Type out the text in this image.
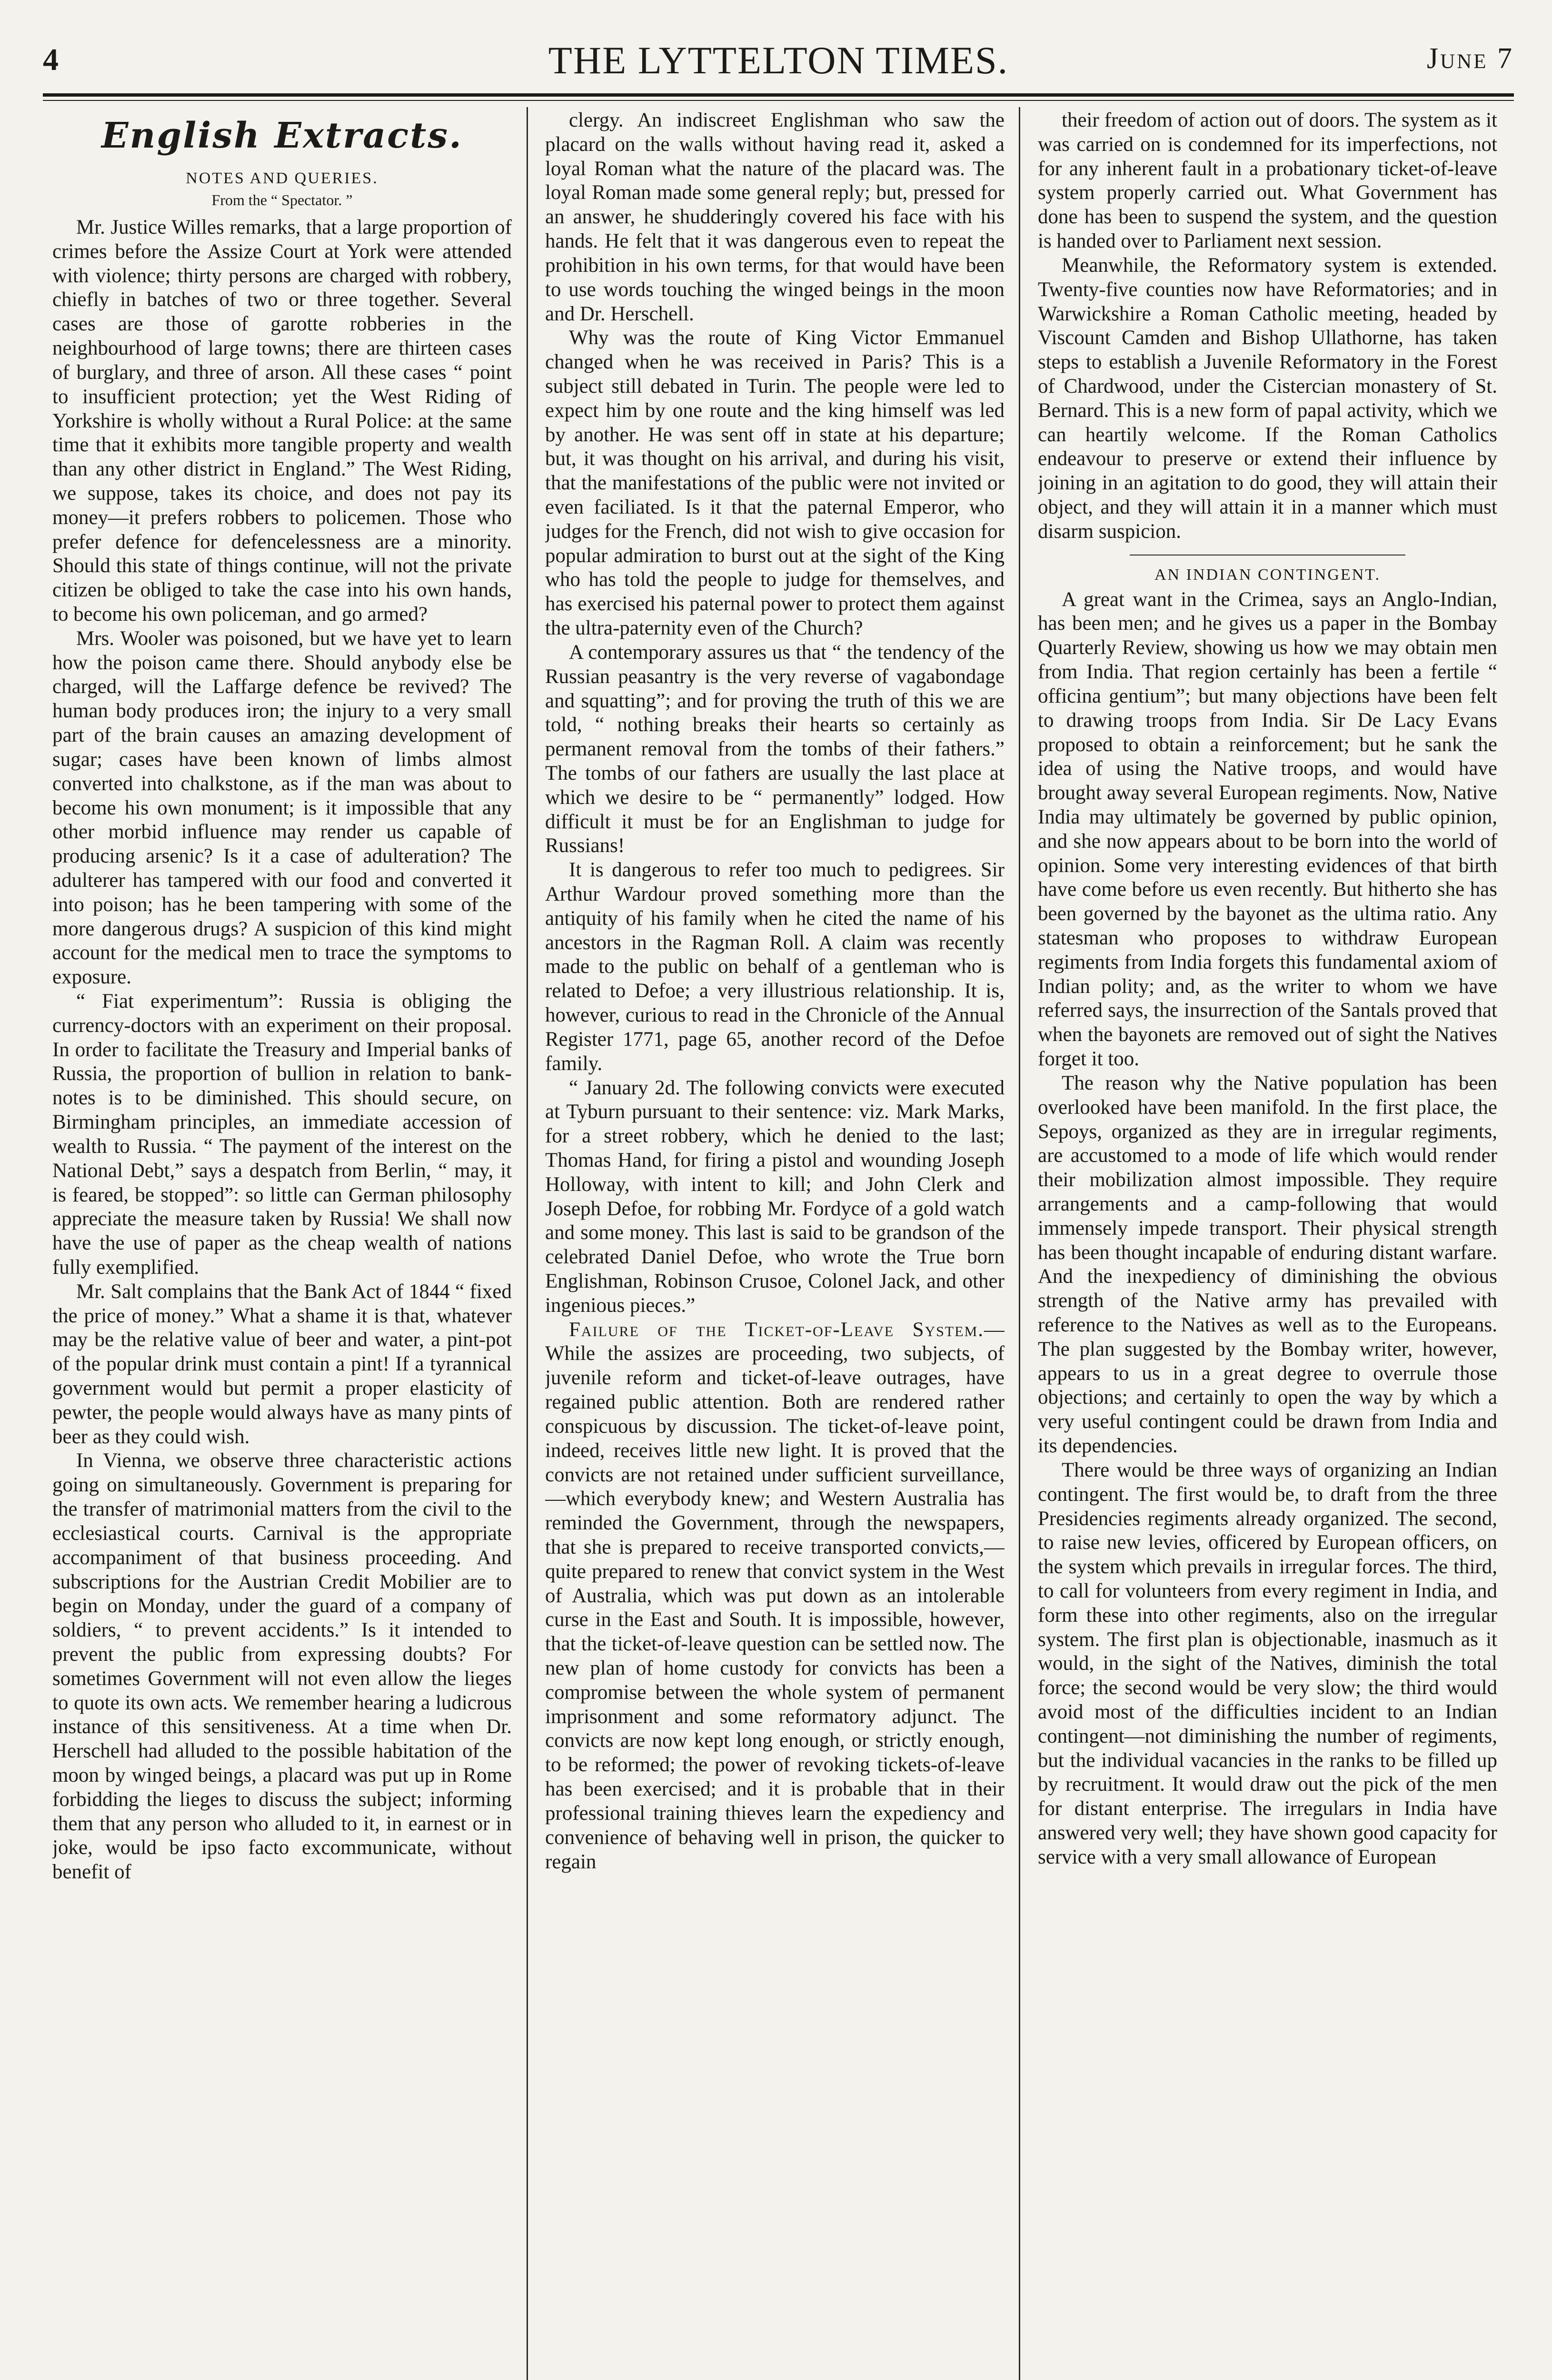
4	THE LYTTELTON TIMES.	June 7
English Extracts.
NOTES AND QUERIES.
From the “ Spectator. ”

Mr. Justice Willes remarks, that a large proportion of crimes before the Assize Court at York were attended with violence; thirty persons are charged with robbery, chiefly in batches of two or three together. Several cases are those of garotte robberies in the neighbourhood of large towns; there are thirteen cases of burglary, and three of arson. All these cases “ point to insufficient protection; yet the West Riding of Yorkshire is wholly without a Rural Police: at the same time that it exhibits more tangible property and wealth than any other district in England.” The West Riding, we suppose, takes its choice, and does not pay its money—it prefers robbers to policemen. Those who prefer defence for defencelessness are a minority. Should this state of things continue, will not the private citizen be obliged to take the case into his own hands, to become his own policeman, and go armed?

Mrs. Wooler was poisoned, but we have yet to learn how the poison came there. Should anybody else be charged, will the Laffarge defence be revived? The human body produces iron; the injury to a very small part of the brain causes an amazing development of sugar; cases have been known of limbs almost converted into chalkstone, as if the man was about to become his own monument; is it impossible that any other morbid influence may render us capable of producing arsenic? Is it a case of adulteration? The adulterer has tampered with our food and converted it into poison; has he been tampering with some of the more dangerous drugs? A suspicion of this kind might account for the medical men to trace the symptoms to exposure.

“ Fiat experimentum”: Russia is obliging the currency-doctors with an experiment on their proposal. In order to facilitate the Treasury and Imperial banks of Russia, the proportion of bullion in relation to bank-notes is to be diminished. This should secure, on Birmingham principles, an immediate accession of wealth to Russia. “ The payment of the interest on the National Debt,” says a despatch from Berlin, “ may, it is feared, be stopped”: so little can German philosophy appreciate the measure taken by Russia! We shall now have the use of paper as the cheap wealth of nations fully exemplified.

Mr. Salt complains that the Bank Act of 1844 “ fixed the price of money.” What a shame it is that, whatever may be the relative value of beer and water, a pint-pot of the popular drink must contain a pint! If a tyrannical government would but permit a proper elasticity of pewter, the people would always have as many pints of beer as they could wish.

In Vienna, we observe three characteristic actions going on simultaneously. Government is preparing for the transfer of matrimonial matters from the civil to the ecclesiastical courts. Carnival is the appropriate accompaniment of that business proceeding. And subscriptions for the Austrian Credit Mobilier are to begin on Monday, under the guard of a company of soldiers, “ to prevent accidents.” Is it intended to prevent the public from expressing doubts? For sometimes Government will not even allow the lieges to quote its own acts. We remember hearing a ludicrous instance of this sensitiveness. At a time when Dr. Herschell had alluded to the possible habitation of the moon by winged beings, a placard was put up in Rome forbidding the lieges to discuss the subject; informing them that any person who alluded to it, in earnest or in joke, would be ipso facto excommunicate, without benefit of

clergy. An indiscreet Englishman who saw the placard on the walls without having read it, asked a loyal Roman what the nature of the placard was. The loyal Roman made some general reply; but, pressed for an answer, he shudderingly covered his face with his hands. He felt that it was dangerous even to repeat the prohibition in his own terms, for that would have been to use words touching the winged beings in the moon and Dr. Herschell.

Why was the route of King Victor Emmanuel changed when he was received in Paris? This is a subject still debated in Turin. The people were led to expect him by one route and the king himself was led by another. He was sent off in state at his departure; but, it was thought on his arrival, and during his visit, that the manifestations of the public were not invited or even faciliated. Is it that the paternal Emperor, who judges for the French, did not wish to give occasion for popular admiration to burst out at the sight of the King who has told the people to judge for themselves, and has exercised his paternal power to protect them against the ultra-paternity even of the Church?

A contemporary assures us that “ the tendency of the Russian peasantry is the very reverse of vagabondage and squatting”; and for proving the truth of this we are told, “ nothing breaks their hearts so certainly as permanent removal from the tombs of their fathers.” The tombs of our fathers are usually the last place at which we desire to be “ permanently” lodged. How difficult it must be for an Englishman to judge for Russians!

It is dangerous to refer too much to pedigrees. Sir Arthur Wardour proved something more than the antiquity of his family when he cited the name of his ancestors in the Ragman Roll. A claim was recently made to the public on behalf of a gentleman who is related to Defoe; a very illustrious relationship. It is, however, curious to read in the Chronicle of the Annual Register 1771, page 65, another record of the Defoe family.

“ January 2d. The following convicts were executed at Tyburn pursuant to their sentence: viz. Mark Marks, for a street robbery, which he denied to the last; Thomas Hand, for firing a pistol and wounding Joseph Holloway, with intent to kill; and John Clerk and Joseph Defoe, for robbing Mr. Fordyce of a gold watch and some money. This last is said to be grandson of the celebrated Daniel Defoe, who wrote the True born Englishman, Robinson Crusoe, Colonel Jack, and other ingenious pieces.”

Failure of the Ticket-of-Leave System.—While the assizes are proceeding, two subjects, of juvenile reform and ticket-of-leave outrages, have regained public attention. Both are rendered rather conspicuous by discussion. The ticket-of-leave point, indeed, receives little new light. It is proved that the convicts are not retained under sufficient surveillance,—which everybody knew; and Western Australia has reminded the Government, through the newspapers, that she is prepared to receive transported convicts,—quite prepared to renew that convict system in the West of Australia, which was put down as an intolerable curse in the East and South. It is impossible, however, that the ticket-of-leave question can be settled now. The new plan of home custody for convicts has been a compromise between the whole system of permanent imprisonment and some reformatory adjunct. The convicts are now kept long enough, or strictly enough, to be reformed; the power of revoking tickets-of-leave has been exercised; and it is probable that in their professional training thieves learn the expediency and convenience of behaving well in prison, the quicker to regain

their freedom of action out of doors. The system as it was carried on is condemned for its imperfections, not for any inherent fault in a probationary ticket-of-leave system properly carried out. What Government has done has been to suspend the system, and the question is handed over to Parliament next session.

Meanwhile, the Reformatory system is extended. Twenty-five counties now have Reformatories; and in Warwickshire a Roman Catholic meeting, headed by Viscount Camden and Bishop Ullathorne, has taken steps to establish a Juvenile Reformatory in the Forest of Chardwood, under the Cistercian monastery of St. Bernard. This is a new form of papal activity, which we can heartily welcome. If the Roman Catholics endeavour to preserve or extend their influence by joining in an agitation to do good, they will attain their object, and they will attain it in a manner which must disarm suspicion.

AN INDIAN CONTINGENT.

A great want in the Crimea, says an Anglo-Indian, has been men; and he gives us a paper in the Bombay Quarterly Review, showing us how we may obtain men from India. That region certainly has been a fertile “ officina gentium”; but many objections have been felt to drawing troops from India. Sir De Lacy Evans proposed to obtain a reinforcement; but he sank the idea of using the Native troops, and would have brought away several European regiments. Now, Native India may ultimately be governed by public opinion, and she now appears about to be born into the world of opinion. Some very interesting evidences of that birth have come before us even recently. But hitherto she has been governed by the bayonet as the ultima ratio. Any statesman who proposes to withdraw European regiments from India forgets this fundamental axiom of Indian polity; and, as the writer to whom we have referred says, the insurrection of the Santals proved that when the bayonets are removed out of sight the Natives forget it too.

The reason why the Native population has been overlooked have been manifold. In the first place, the Sepoys, organized as they are in irregular regiments, are accustomed to a mode of life which would render their mobilization almost impossible. They require arrangements and a camp-following that would immensely impede transport. Their physical strength has been thought incapable of enduring distant warfare. And the inexpediency of diminishing the obvious strength of the Native army has prevailed with reference to the Natives as well as to the Europeans. The plan suggested by the Bombay writer, however, appears to us in a great degree to overrule those objections; and certainly to open the way by which a very useful contingent could be drawn from India and its dependencies.

There would be three ways of organizing an Indian contingent. The first would be, to draft from the three Presidencies regiments already organized. The second, to raise new levies, officered by European officers, on the system which prevails in irregular forces. The third, to call for volunteers from every regiment in India, and form these into other regiments, also on the irregular system. The first plan is objectionable, inasmuch as it would, in the sight of the Natives, diminish the total force; the second would be very slow; the third would avoid most of the difficulties incident to an Indian contingent—not diminishing the number of regiments, but the individual vacancies in the ranks to be filled up by recruitment. It would draw out the pick of the men for distant enterprise. The irregulars in India have answered very well; they have shown good capacity for service with a very small allowance of European
